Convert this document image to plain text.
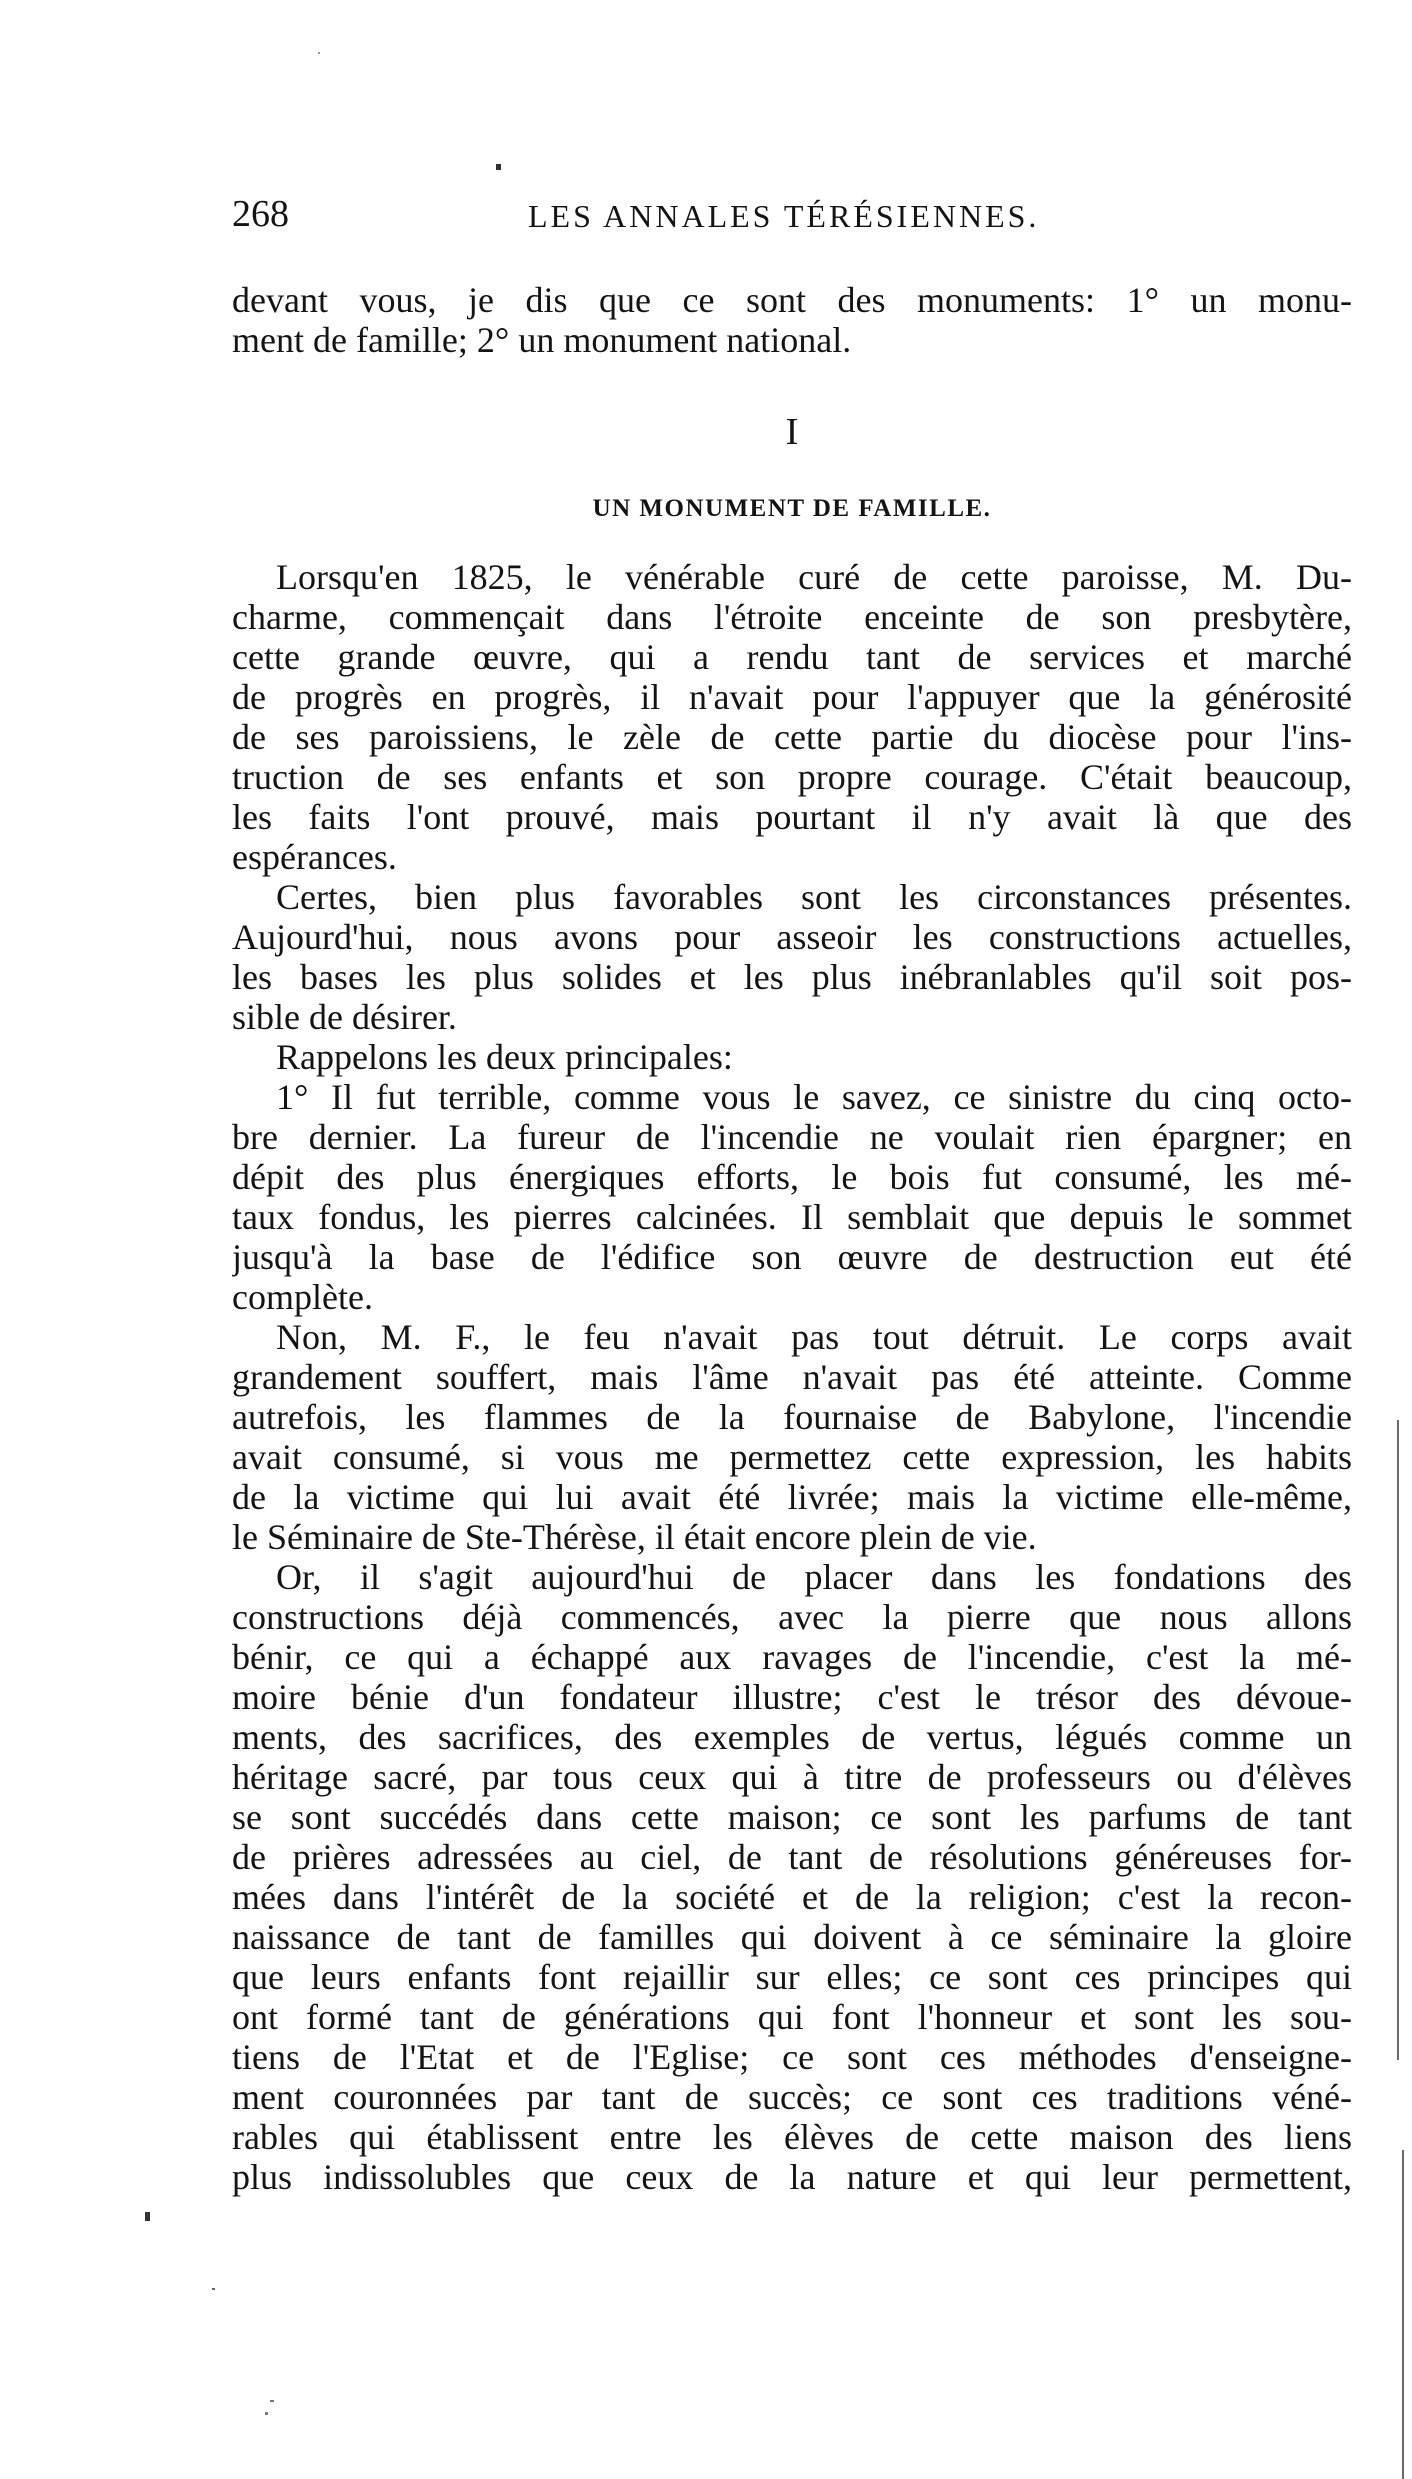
268	LES ANNALES TÉRÉSIENNES.
devant vous, je dis que ce sont des monuments: 1° un monu-
ment de famille; 2° un monument national.
I
UN MONUMENT DE FAMILLE.
Lorsqu'en 1825, le vénérable curé de cette paroisse, M. Du-
charme, commençait dans l'étroite enceinte de son presbytère,
cette grande œuvre, qui a rendu tant de services et marché
de progrès en progrès, il n'avait pour l'appuyer que la générosité
de ses paroissiens, le zèle de cette partie du diocèse pour l'ins-
truction de ses enfants et son propre courage. C'était beaucoup,
les faits l'ont prouvé, mais pourtant il n'y avait là que des
espérances.
Certes, bien plus favorables sont les circonstances présentes.
Aujourd'hui, nous avons pour asseoir les constructions actuelles,
les bases les plus solides et les plus inébranlables qu'il soit pos-
sible de désirer.
Rappelons les deux principales:
1° Il fut terrible, comme vous le savez, ce sinistre du cinq octo-
bre dernier. La fureur de l'incendie ne voulait rien épargner; en
dépit des plus énergiques efforts, le bois fut consumé, les mé-
taux fondus, les pierres calcinées. Il semblait que depuis le sommet
jusqu'à la base de l'édifice son œuvre de destruction eut été
complète.
Non, M. F., le feu n'avait pas tout détruit. Le corps avait
grandement souffert, mais l'âme n'avait pas été atteinte. Comme
autrefois, les flammes de la fournaise de Babylone, l'incendie
avait consumé, si vous me permettez cette expression, les habits
de la victime qui lui avait été livrée; mais la victime elle-même,
le Séminaire de Ste-Thérèse, il était encore plein de vie.
Or, il s'agit aujourd'hui de placer dans les fondations des
constructions déjà commencés, avec la pierre que nous allons
bénir, ce qui a échappé aux ravages de l'incendie, c'est la mé-
moire bénie d'un fondateur illustre; c'est le trésor des dévoue-
ments, des sacrifices, des exemples de vertus, légués comme un
héritage sacré, par tous ceux qui à titre de professeurs ou d'élèves
se sont succédés dans cette maison; ce sont les parfums de tant
de prières adressées au ciel, de tant de résolutions généreuses for-
mées dans l'intérêt de la société et de la religion; c'est la recon-
naissance de tant de familles qui doivent à ce séminaire la gloire
que leurs enfants font rejaillir sur elles; ce sont ces principes qui
ont formé tant de générations qui font l'honneur et sont les sou-
tiens de l'Etat et de l'Eglise; ce sont ces méthodes d'enseigne-
ment couronnées par tant de succès; ce sont ces traditions véné-
rables qui établissent entre les élèves de cette maison des liens
plus indissolubles que ceux de la nature et qui leur permettent,
